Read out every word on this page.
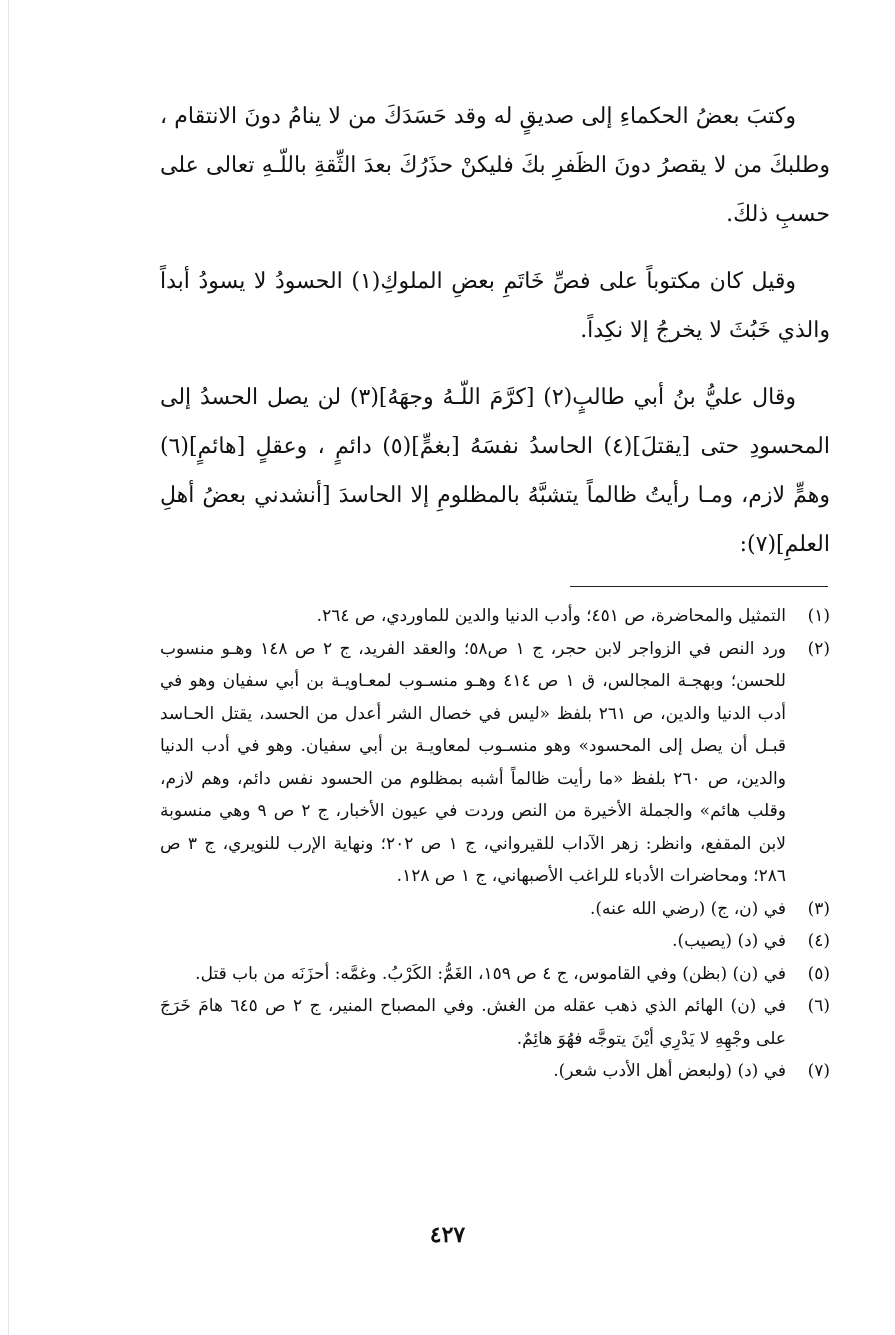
وكتبَ بعضُ الحكماءِ إلى صديقٍ له وقد حَسَدَكَ من لا ينامُ دونَ الانتقام ، وطلبكَ من لا يقصرُ دونَ الظَفرِ بكَ فليكنْ حذَرُكَ بعدَ الثِّقةِ باللّـهِ تعالى على حسبِ ذلكَ.

وقيل كان مكتوباً على فصِّ خَاتَمِ بعضِ الملوكِ(١) الحسودُ لا يسودُ أبداً والذي خَبُثَ لا يخرجُ إلا نكِداً.

وقال عليُّ بنُ أبي طالبٍ(٢) [كرَّمَ اللّـهُ وجهَهُ](٣) لن يصل الحسدُ إلى المحسودِ حتى [يقتلَ](٤) الحاسدُ نفسَهُ [بغمٍّ](٥) دائمٍ ، وعقلٍ [هائمٍ](٦) وهمٍّ لازم، ومـا رأيتُ ظالماً يتشبَّهُ بالمظلومِ إلا الحاسدَ [أنشدني بعضُ أهلِ العلمِ](٧):

(١)
التمثيل والمحاضرة، ص ٤٥١؛ وأدب الدنيا والدين للماوردي، ص ٢٦٤.
(٢)
ورد النص في الزواجر لابن حجر، ج ١ ص٥٨؛ والعقد الفريد، ج ٢ ص ١٤٨ وهـو منسوب للحسن؛ وبهجـة المجالس، ق ١ ص ٤١٤ وهـو منسـوب لمعـاويـة بن أبي سفيان وهو في أدب الدنيا والدين، ص ٢٦١ بلفظ «ليس في خصال الشر أعدل من الحسد، يقتل الحـاسد قبـل أن يصل إلى المحسود» وهو منسـوب لمعاويـة بن أبي سفيان. وهو في أدب الدنيا والدين، ص ٢٦٠ بلفظ «ما رأيت ظالماً أشبه بمظلوم من الحسود نفس دائم، وهم لازم، وقلب هائم» والجملة الأخيرة من النص وردت في عيون الأخبار، ج ٢ ص ٩ وهي منسوبة لابن المقفع، وانظر: زهر الآداب للقيرواني، ج ١ ص ٢٠٢؛ ونهاية الإرب للنويري، ج ٣ ص ٢٨٦؛ ومحاضرات الأدباء للراغب الأصبهاني، ج ١ ص ١٢٨.
(٣)
في (ن، ج) (رضي الله عنه).
(٤)
في (د) (يصيب).
(٥)
في (ن) (بظن) وفي القاموس، ج ٤ ص ١٥٩، الغَمُّ: الكَرْبُ. وغمَّه: أحزَنَه من باب قتل.
(٦)
في (ن) الهائم الذي ذهب عقله من الغش. وفي المصباح المنير، ج ٢ ص ٦٤٥ هامَ خَرَجَ على وجْهِهِ لا يَدْرِي أيْنَ يتوجَّه فهُوَ هائِمٌ.
(٧)
في (د) (ولبعض أهل الأدب شعر).
٤٢٧
